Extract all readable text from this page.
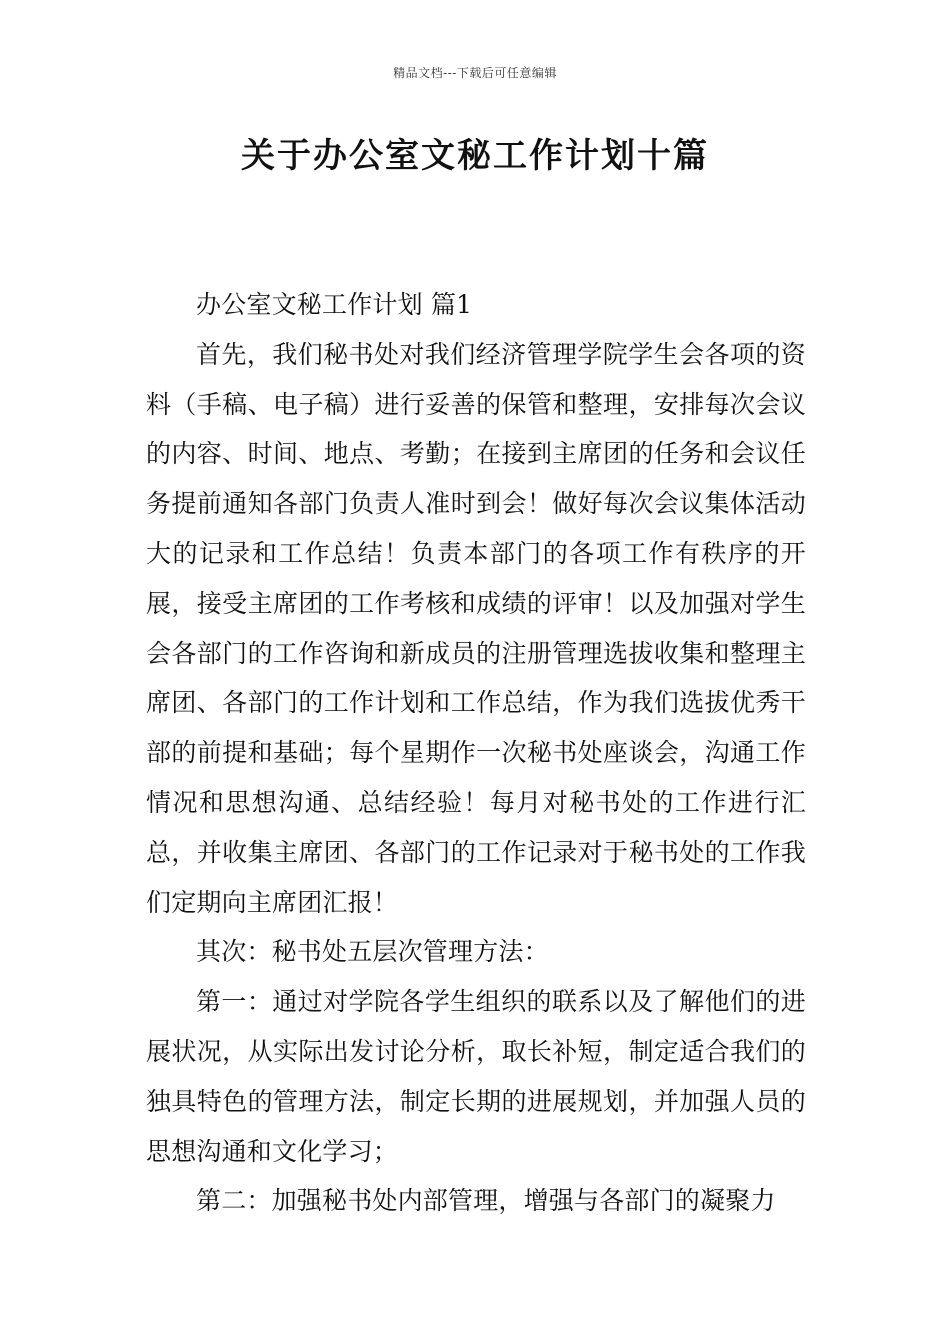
精品文档---下载后可任意编辑
关于办公室文秘工作计划十篇

办公室文秘工作计划 篇1

首先，我们秘书处对我们经济管理学院学生会各项的资料（手稿、电子稿）进行妥善的保管和整理，安排每次会议的内容、时间、地点、考勤；在接到主席团的任务和会议任务提前通知各部门负责人准时到会！做好每次会议集体活动大的记录和工作总结！负责本部门的各项工作有秩序的开展，接受主席团的工作考核和成绩的评审！以及加强对学生会各部门的工作咨询和新成员的注册管理选拔收集和整理主席团、各部门的工作计划和工作总结，作为我们选拔优秀干部的前提和基础；每个星期作一次秘书处座谈会，沟通工作情况和思想沟通、总结经验！每月对秘书处的工作进行汇总，并收集主席团、各部门的工作记录对于秘书处的工作我们定期向主席团汇报！

其次：秘书处五层次管理方法：

第一：通过对学院各学生组织的联系以及了解他们的进展状况，从实际出发讨论分析，取长补短，制定适合我们的独具特色的管理方法，制定长期的进展规划，并加强人员的思想沟通和文化学习；

第二：加强秘书处内部管理，增强与各部门的凝聚力
